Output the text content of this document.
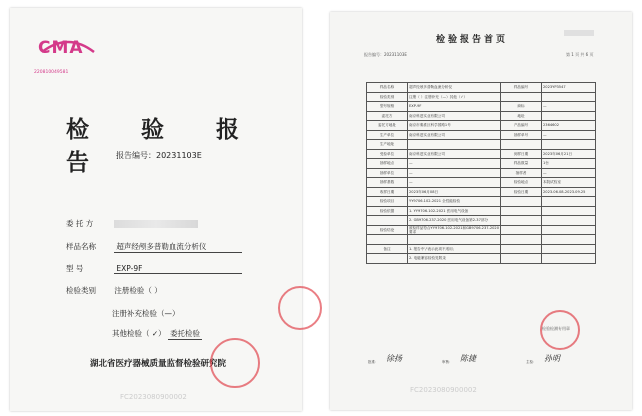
CMA
220810049581
检 验 报 告 报告编号：20231103E
委 托 方
样品名称	超声经颅多普勒血流分析仪
型 号	EXP-9F
检验类别 注册检验（ ）
注册补充检验（—）
其他检验（ ✓） 委托检验
湖北省医疗器械质量监督检验研究院
FC2023080900002
报告编号：20231103E	第 1 页 共 6 页
检验报告首页
样品名称	超声经颅多普勒血流分析仪	样品编号	2023YP3547
检验类别	注册（ ）注册补充（—）其他（✓）		
型号规格	EXP-9F	商标	—
委托方	南京科进实业有限公司	地址	
委托方地址	南京市秦淮区科学园路1号	产品编号	2364602
生产单位	南京科进实业有限公司	抽样单号	—
生产地址			
受检单位	南京科进实业有限公司	到样日期	2023年06月21日
抽样地点	—	样品数量	1台
抽样单位	—	抽样者	—
抽样基数	—	检验地点	本院试验室
收样日期	2023年06月08日	检验日期	2023.06.08-2023.09.25
检验项目	YY9706.102-2021 全性能检验		
检验依据	1. YY9706.102-2021 医用电气设备		
	2. GB9706.237-2020 医用电气设备第2-37部分		
检验结论	被检样品符合YY9706.102-2021和GB9706.237-2020要求		

备注	1. 报告中'/'表示此项不适用；		
	2. 电磁兼容检验见附录		
检验检测专用章
批准： 徐扬	审核： 陈捷	主检： 孙明
FC2023080900002
